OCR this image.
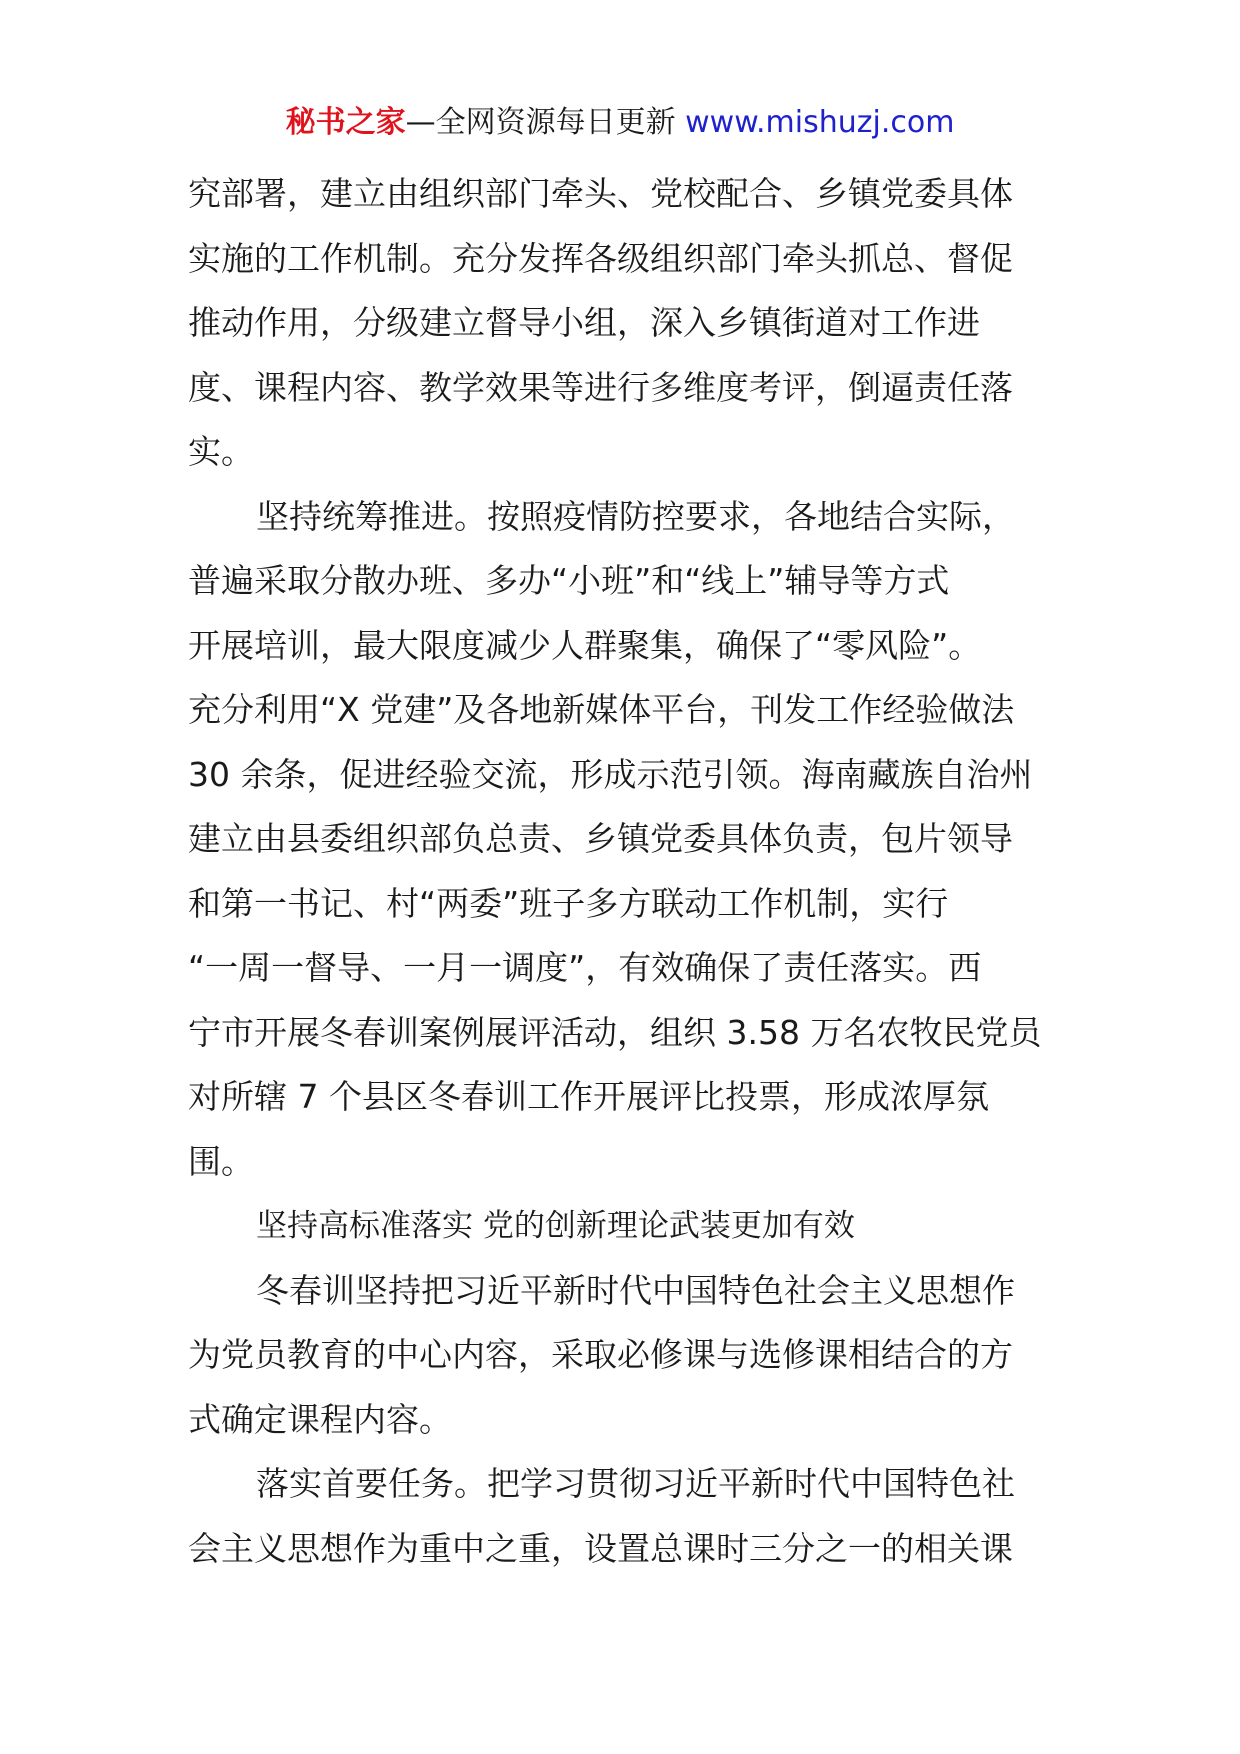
秘书之家—全网资源每日更新 www.mishuzj.com
究部署，建立由组织部门牵头、党校配合、乡镇党委具体
实施的工作机制。充分发挥各级组织部门牵头抓总、督促
推动作用，分级建立督导小组，深入乡镇街道对工作进
度、课程内容、教学效果等进行多维度考评，倒逼责任落
实。
坚持统筹推进。按照疫情防控要求，各地结合实际，
普遍采取分散办班、多办“小班”和“线上”辅导等方式
开展培训，最大限度减少人群聚集，确保了“零风险”。
充分利用“X 党建”及各地新媒体平台，刊发工作经验做法
30 余条，促进经验交流，形成示范引领。海南藏族自治州
建立由县委组织部负总责、乡镇党委具体负责，包片领导
和第一书记、村“两委”班子多方联动工作机制，实行
“一周一督导、一月一调度”，有效确保了责任落实。西
宁市开展冬春训案例展评活动，组织 3.58 万名农牧民党员
对所辖 7 个县区冬春训工作开展评比投票，形成浓厚氛
围。
坚持高标准落实 党的创新理论武装更加有效
冬春训坚持把习近平新时代中国特色社会主义思想作
为党员教育的中心内容，采取必修课与选修课相结合的方
式确定课程内容。
落实首要任务。把学习贯彻习近平新时代中国特色社
会主义思想作为重中之重，设置总课时三分之一的相关课
